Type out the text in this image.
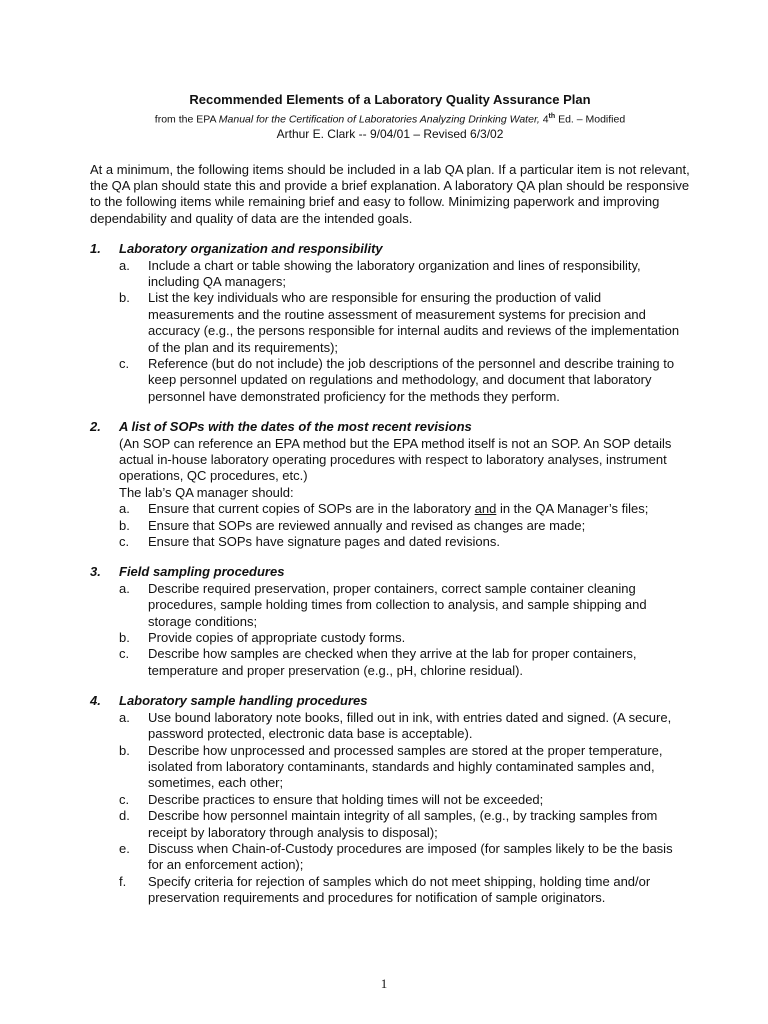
Recommended Elements of a Laboratory Quality Assurance Plan
from the EPA Manual for the Certification of Laboratories Analyzing Drinking Water, 4th Ed. – Modified
Arthur E. Clark -- 9/04/01 – Revised 6/3/02
At a minimum, the following items should be included in a lab QA plan. If a particular item is not relevant, the QA plan should state this and provide a brief explanation. A laboratory QA plan should be responsive to the following items while remaining brief and easy to follow. Minimizing paperwork and improving dependability and quality of data are the intended goals.
1.	Laboratory organization and responsibility
a.	Include a chart or table showing the laboratory organization and lines of responsibility, including QA managers;
b.	List the key individuals who are responsible for ensuring the production of valid measurements and the routine assessment of measurement systems for precision and accuracy (e.g., the persons responsible for internal audits and reviews of the implementation of the plan and its requirements);
c.	Reference (but do not include) the job descriptions of the personnel and describe training to keep personnel updated on regulations and methodology, and document that laboratory personnel have demonstrated proficiency for the methods they perform.
2.	A list of SOPs with the dates of the most recent revisions
(An SOP can reference an EPA method but the EPA method itself is not an SOP. An SOP details actual in-house laboratory operating procedures with respect to laboratory analyses, instrument operations, QC procedures, etc.)
The lab’s QA manager should:
a.	Ensure that current copies of SOPs are in the laboratory and in the QA Manager’s files;
b.	Ensure that SOPs are reviewed annually and revised as changes are made;
c.	Ensure that SOPs have signature pages and dated revisions.
3.	Field sampling procedures
a.	Describe required preservation, proper containers, correct sample container cleaning procedures, sample holding times from collection to analysis, and sample shipping and storage conditions;
b.	Provide copies of appropriate custody forms.
c.	Describe how samples are checked when they arrive at the lab for proper containers, temperature and proper preservation (e.g., pH, chlorine residual).
4.	Laboratory sample handling procedures
a.	Use bound laboratory note books, filled out in ink, with entries dated and signed. (A secure, password protected, electronic data base is acceptable).
b.	Describe how unprocessed and processed samples are stored at the proper temperature, isolated from laboratory contaminants, standards and highly contaminated samples and, sometimes, each other;
c.	Describe practices to ensure that holding times will not be exceeded;
d.	Describe how personnel maintain integrity of all samples, (e.g., by tracking samples from receipt by laboratory through analysis to disposal);
e.	Discuss when Chain-of-Custody procedures are imposed (for samples likely to be the basis for an enforcement action);
f.	Specify criteria for rejection of samples which do not meet shipping, holding time and/or preservation requirements and procedures for notification of sample originators.
1
